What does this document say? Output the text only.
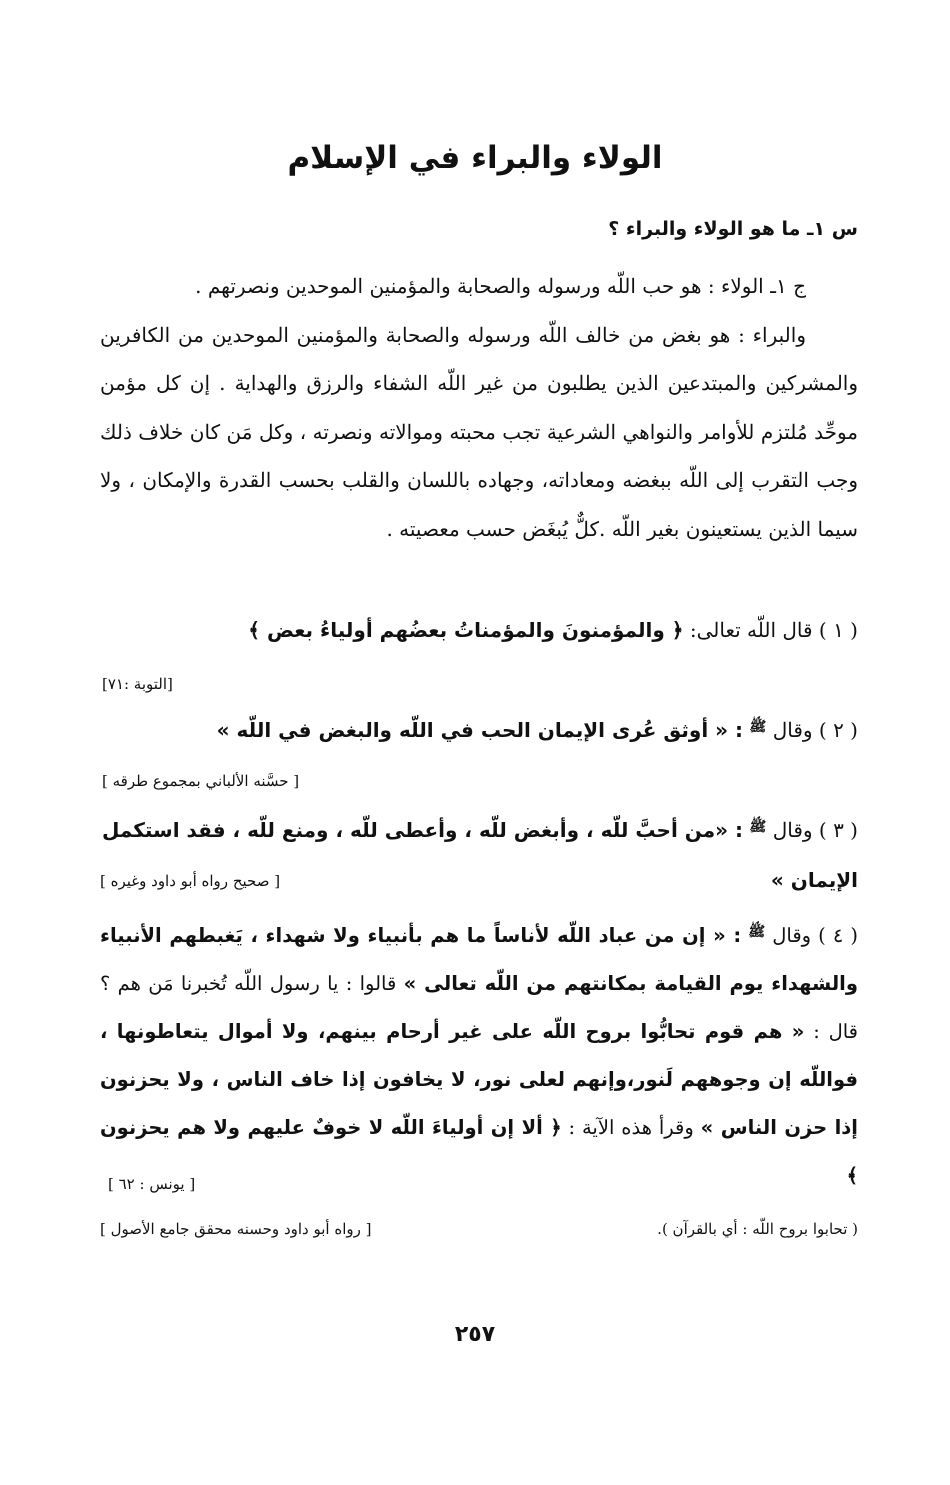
الولاء والبراء في الإسلام
س ١ـ ما هو الولاء والبراء ؟

ج ١ـ الولاء : هو حب اللّه ورسوله والصحابة والمؤمنين الموحدين ونصرتهم .

والبراء : هو بغض من خالف اللّه ورسوله والصحابة والمؤمنين الموحدين من الكافرين والمشركين والمبتدعين الذين يطلبون من غير اللّه الشفاء والرزق والهداية . إن كل مؤمن موحِّد مُلتزم للأوامر والنواهي الشرعية تجب محبته وموالاته ونصرته ، وكل مَن كان خلاف ذلك وجب التقرب إلى اللّه ببغضه ومعاداته، وجهاده باللسان والقلب بحسب القدرة والإمكان ، ولا سيما الذين يستعينون بغير اللّه .كلٌّ يُبغَض حسب معصيته .

( ١ ) قال اللّه تعالى: ﴿ والمؤمنونَ والمؤمناتُ بعضُهم أولياءُ بعض ﴾
[التوبة :٧١]
( ٢ ) وقال $^ﷺ$ : « أوثق عُرى الإيمان الحب في اللّه والبغض في اللّه »
[ حسَّنه الألباني بمجموع طرقه ]
( ٣ ) وقال $^ﷺ$ : «من أحبَّ للّه ، وأبغض للّه ، وأعطى للّه ، ومنع للّه ، فقد استكمل
الإيمان »
[ صحيح رواه أبو داود وغيره ]

( ٤ ) وقال $^ﷺ$ : « إن من عباد اللّه لأناساً ما هم بأنبياء ولا شهداء ، يَغبطهم الأنبياء والشهداء يوم القيامة بمكانتهم من اللّه تعالى » قالوا : يا رسول اللّه تُخبرنا مَن هم ؟ قال : « هم قوم تحابُّوا بروح اللّه على غير أرحام بينهم، ولا أموال يتعاطونها ، فواللّه إن وجوههم لَنور،وإنهم لعلى نور، لا يخافون إذا خاف الناس ، ولا يحزنون إذا حزن الناس » وقرأ هذه الآية : ﴿ ألا إن أولياءَ اللّه لا خوفٌ عليهم ولا هم يحزنون ﴾

[ يونس : ٦٢ ]
( تحابوا بروح اللّه : أي بالقرآن ).
[ رواه أبو داود وحسنه محقق جامع الأصول ]
٢٥٧
